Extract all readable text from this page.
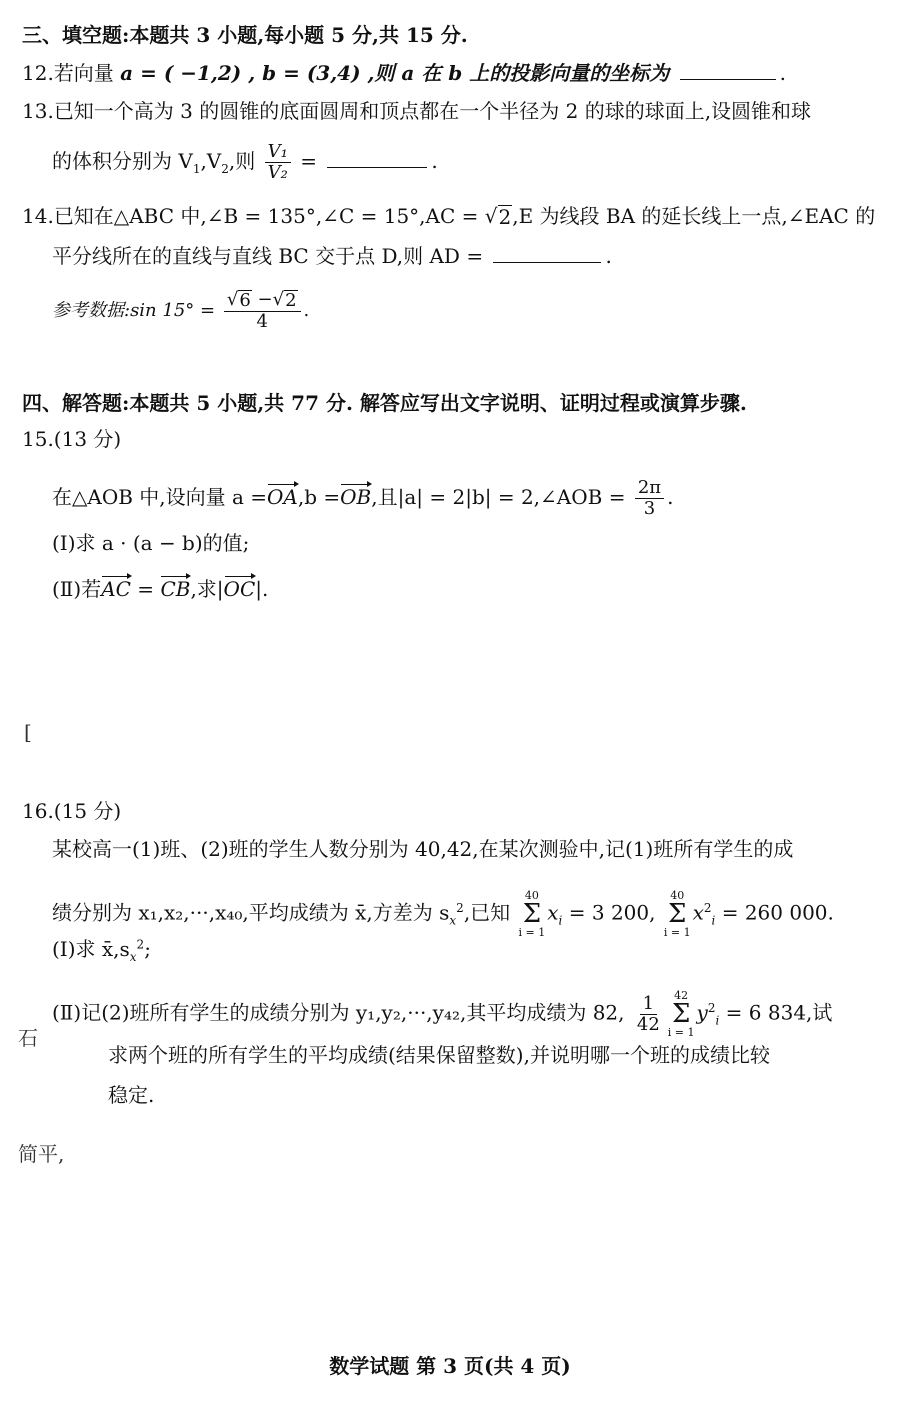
三、填空题:本题共 3 小题,每小题 5 分,共 15 分.
12.若向量 a = ( −1,2) , b = (3,4) ,则 a 在 b 上的投影向量的坐标为	.
13.已知一个高为 3 的圆锥的底面圆周和顶点都在一个半径为 2 的球的球面上,设圆锥和球
的体积分别为 $V_1,V_2$,则 $\frac{\text{V₁}}{\text{V₂}}$ =	.
14.已知在△ABC 中,∠B = 135°,∠C = 15°,AC = √ 2 ,E 为线段 BA 的延长线上一点,∠EAC 的
平分线所在的直线与直线 BC 交于点 D,则 AD =	.
参考数据:sin $15^\circ = \frac{√ 6 -√ 2}{4}$ .
四、解答题:本题共 5 小题,共 77 分. 解答应写出文字说明、证明过程或演算步骤.
15.(13 分)
在△AOB 中,设向量 a =OA,b =OB,且|a| = 2|b| = 2,∠AOB = $\frac{2\pi}{3}$ .
(Ⅰ)求 a · (a − b)的值;
(Ⅱ)若AC = CB,求|OC|.
[
石
简平,
16.(15 分)
某校高一(1)班、(2)班的学生人数分别为 40,42,在某次测验中,记(1)班所有学生的成
绩分别为 x₁,x₂,···,x₄₀,平均成绩为 x̄,方差为 $s_x^2$,已知
40
Σ
i = 1
$x_i = 3$ 200,
40
Σ
i = 1
$x^2_i = 260$ 000.
(Ⅰ)求 $x̄,s_x^2$;
(Ⅱ)记(2)班所有学生的成绩分别为 y₁,y₂,···,y₄₂,其平均成绩为 82, $\frac{1}{42} 42$
Σ
i = 1
$y^2_i = 6$ 834,试
求两个班的所有学生的平均成绩(结果保留整数),并说明哪一个班的成绩比较
稳定.
数学试题 第 3 页(共 4 页)
